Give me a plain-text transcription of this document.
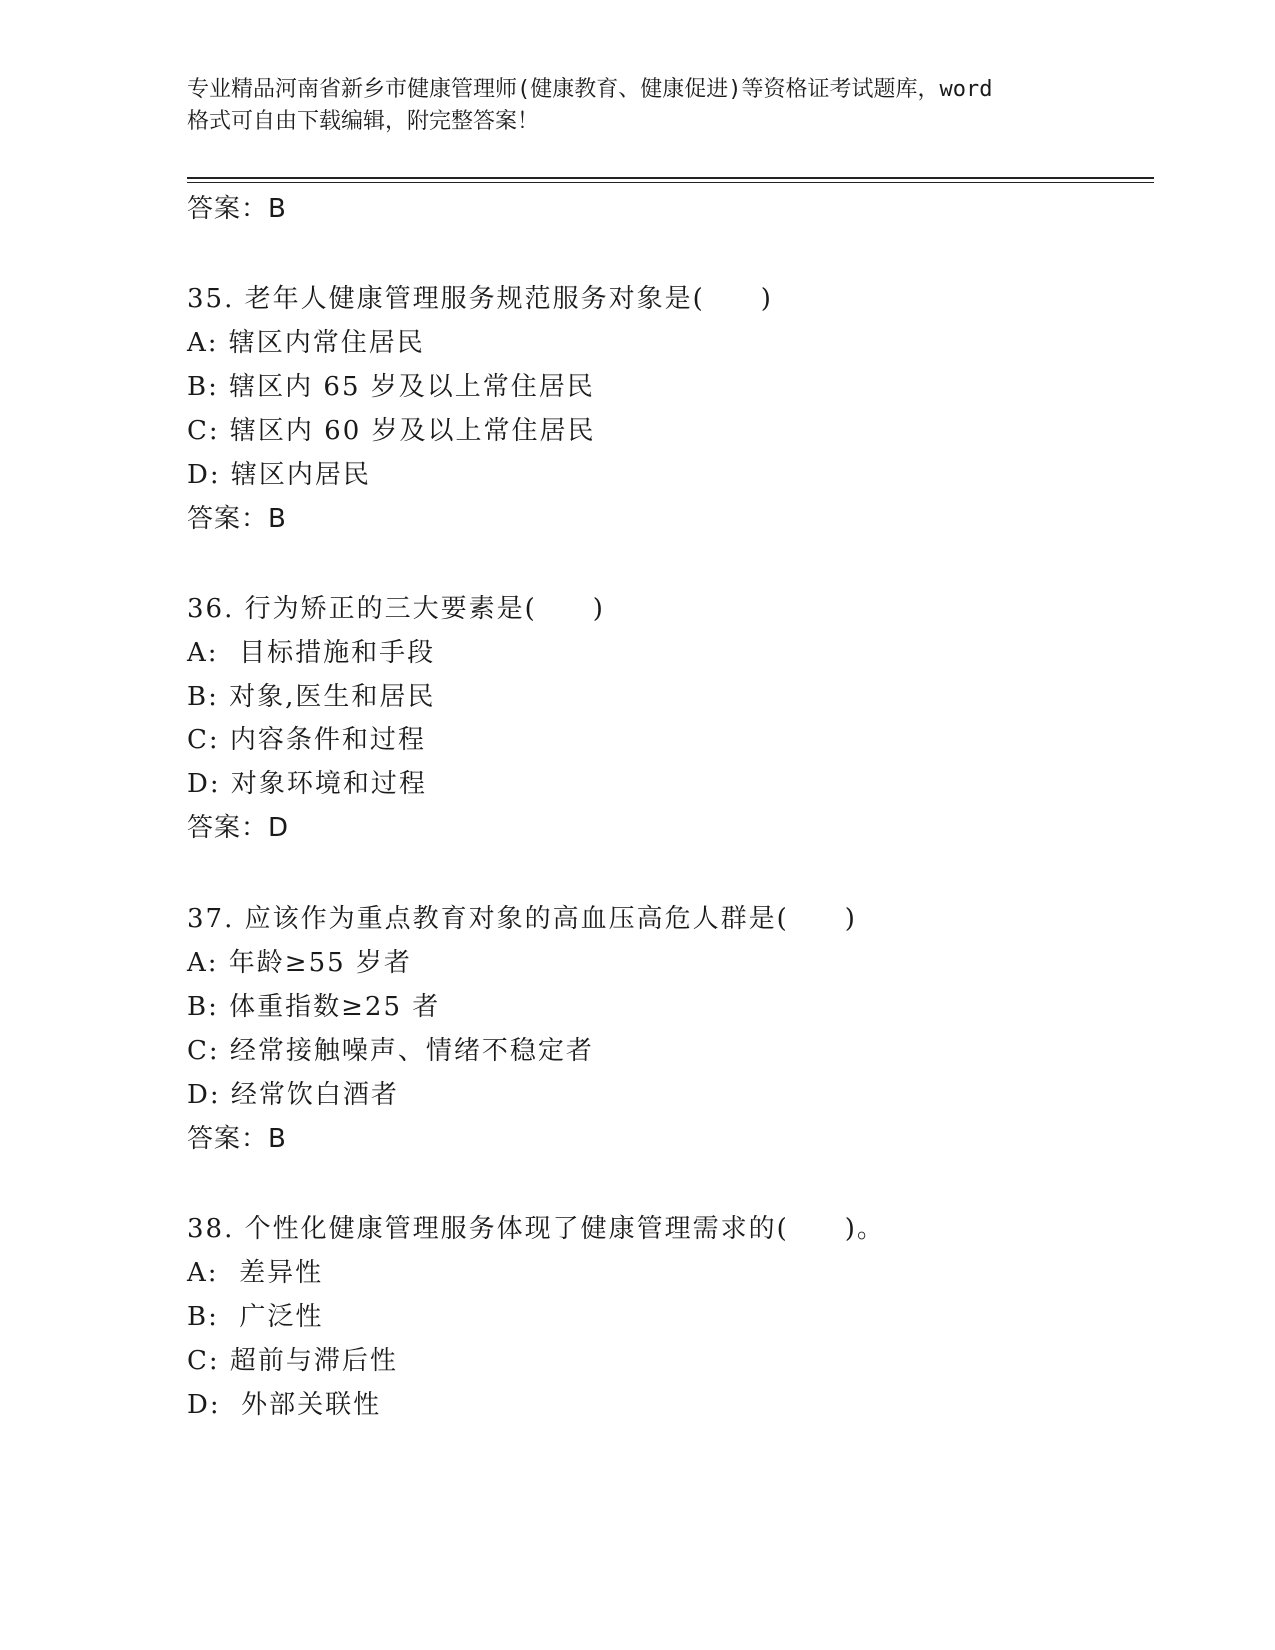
专业精品河南省新乡市健康管理师(健康教育、健康促进)等资格证考试题库，word
格式可自由下载编辑，附完整答案！
答案：B
35. 老年人健康管理服务规范服务对象是(　　)
A: 辖区内常住居民
B: 辖区内 65 岁及以上常住居民
C: 辖区内 60 岁及以上常住居民
D: 辖区内居民
答案：B
36. 行为矫正的三大要素是(　　)
A:  目标措施和手段
B: 对象,医生和居民
C: 内容条件和过程
D: 对象环境和过程
答案：D
37. 应该作为重点教育对象的高血压高危人群是(　　)
A: 年龄≥55 岁者
B: 体重指数≥25 者
C: 经常接触噪声、情绪不稳定者
D: 经常饮白酒者
答案：B
38. 个性化健康管理服务体现了健康管理需求的(　　)。
A:  差异性
B:  广泛性
C: 超前与滞后性
D:  外部关联性
